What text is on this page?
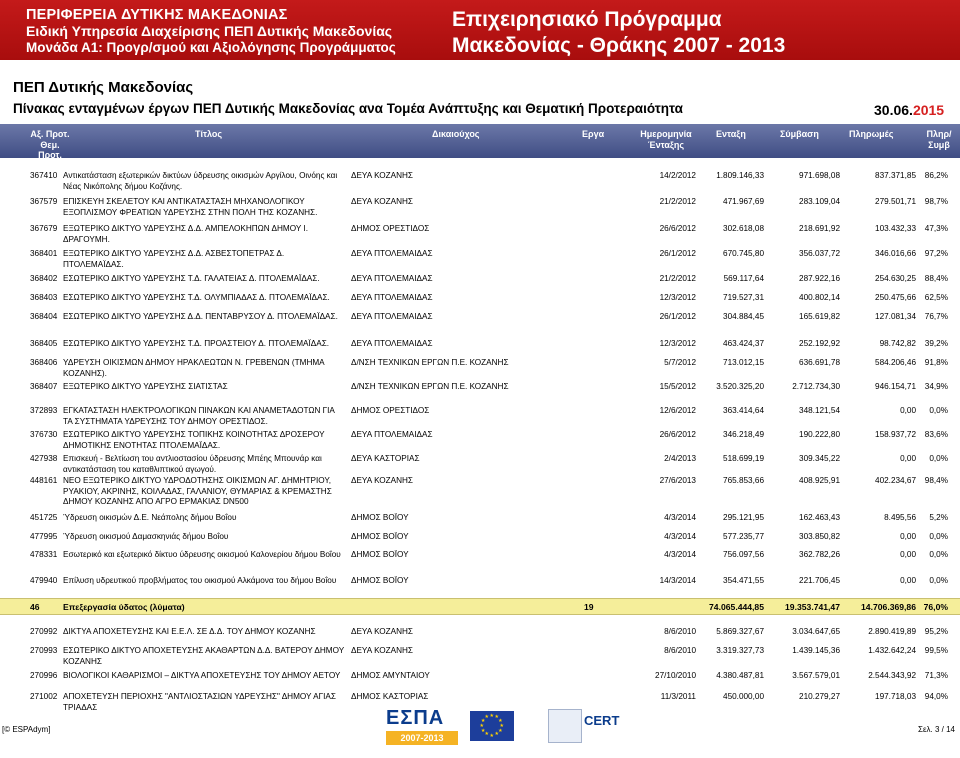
ΠΕΡΙΦΕΡΕΙΑ ΔΥΤΙΚΗΣ ΜΑΚΕΔΟΝΙΑΣ
Ειδική Υπηρεσία Διαχείρισης ΠΕΠ Δυτικής Μακεδονίας
Μονάδα Α1: Προγρ/σμού και Αξιολόγησης Προγράμματος
Επιχειρησιακό Πρόγραμμα
Μακεδονίας - Θράκης 2007 - 2013
ΠΕΠ Δυτικής Μακεδονίας
Πίνακας ενταγμένων έργων ΠΕΠ Δυτικής Μακεδονίας ανα Τομέα Ανάπτυξης και Θεματική Προτεραιότητα	30.06.2015
Αξ. Προτ.
Θεμ. Προτ.
MIS
Τίτλος	Δικαιούχος	Εργα	Ημερομηνία
Ένταξης
Ενταξη	Σύμβαση	Πληρωμές	Πληρ/
Συμβ
367410 Αντικατάσταση εξωτερικών δικτύων ύδρευσης οικισμών Αργίλου, Οινόης και Νέας Νικόπολης δήμου Κοζάνης.
ΔΕΥΑ ΚΟΖΑΝΗΣ	14/2/2012	1.809.146,33	971.698,08	837.371,85	86,2%
367579 ΕΠΙΣΚΕΥΗ ΣΚΕΛΕΤΟΥ ΚΑΙ ΑΝΤΙΚΑΤΑΣΤΑΣΗ ΜΗΧΑΝΟΛΟΓΙΚΟΥ ΕΞΟΠΛΙΣΜΟΥ ΦΡΕΑΤΙΩΝ ΥΔΡΕΥΣΗΣ ΣΤΗΝ ΠΟΛΗ ΤΗΣ ΚΟΖΑΝΗΣ.
ΔΕΥΑ ΚΟΖΑΝΗΣ	21/2/2012	471.967,69	283.109,04	279.501,71	98,7%
367679 ΕΞΩΤΕΡΙΚΟ ΔΙΚΤΥΟ ΥΔΡΕΥΣΗΣ Δ.Δ. ΑΜΠΕΛΟΚΗΠΩΝ ΔΗΜΟΥ Ι. ΔΡΑΓΟΥΜΗ.
ΔΗΜΟΣ ΟΡΕΣΤΙΔΟΣ	26/6/2012	302.618,08	218.691,92	103.432,33	47,3%
368401 ΕΞΩΤΕΡΙΚΟ ΔΙΚΤΥΟ ΥΔΡΕΥΣΗΣ Δ.Δ. ΑΣΒΕΣΤΟΠΕΤΡΑΣ Δ. ΠΤΟΛΕΜΑΪΔΑΣ.
ΔΕΥΑ ΠΤΟΛΕΜΑΙΔΑΣ	26/1/2012	670.745,80	356.037,72	346.016,66	97,2%
368402 ΕΣΩΤΕΡΙΚΟ ΔΙΚΤΥΟ ΥΔΡΕΥΣΗΣ Τ.Δ. ΓΑΛΑΤΕΙΑΣ Δ. ΠΤΟΛΕΜΑΪΔΑΣ.	ΔΕΥΑ ΠΤΟΛΕΜΑΙΔΑΣ	21/2/2012	569.117,64	287.922,16	254.630,25	88,4%
368403 ΕΣΩΤΕΡΙΚΟ ΔΙΚΤΥΟ ΥΔΡΕΥΣΗΣ Τ.Δ. ΟΛΥΜΠΙΑΔΑΣ Δ. ΠΤΟΛΕΜΑΪΔΑΣ.	ΔΕΥΑ ΠΤΟΛΕΜΑΙΔΑΣ	12/3/2012	719.527,31	400.802,14	250.475,66	62,5%
368404 ΕΣΩΤΕΡΙΚΟ ΔΙΚΤΥΟ ΥΔΡΕΥΣΗΣ Δ.Δ. ΠΕΝΤΑΒΡΥΣΟΥ Δ. ΠΤΟΛΕΜΑΪΔΑΣ.	ΔΕΥΑ ΠΤΟΛΕΜΑΙΔΑΣ	26/1/2012	304.884,45	165.619,82	127.081,34	76,7%
368405 ΕΣΩΤΕΡΙΚΟ ΔΙΚΤΥΟ ΥΔΡΕΥΣΗΣ Τ.Δ. ΠΡΟΑΣΤΕΙΟΥ Δ. ΠΤΟΛΕΜΑΪΔΑΣ.	ΔΕΥΑ ΠΤΟΛΕΜΑΙΔΑΣ	12/3/2012	463.424,37	252.192,92	98.742,82	39,2%
368406 ΥΔΡΕΥΣΗ ΟΙΚΙΣΜΩΝ ΔΗΜΟΥ ΗΡΑΚΛΕΩΤΩΝ Ν. ΓΡΕΒΕΝΩΝ (ΤΜΗΜΑ ΚΟΖΑΝΗΣ).
Δ/ΝΣΗ ΤΕΧΝΙΚΩΝ ΕΡΓΩΝ Π.Ε. ΚΟΖΑΝΗΣ	5/7/2012	713.012,15	636.691,78	584.206,46	91,8%
368407 ΕΞΩΤΕΡΙΚΟ ΔΙΚΤΥΟ ΥΔΡΕΥΣΗΣ ΣΙΑΤΙΣΤΑΣ	Δ/ΝΣΗ ΤΕΧΝΙΚΩΝ ΕΡΓΩΝ Π.Ε. ΚΟΖΑΝΗΣ	15/5/2012	3.520.325,20	2.712.734,30	946.154,71	34,9%
372893 ΕΓΚΑΤΑΣΤΑΣΗ ΗΛΕΚΤΡΟΛΟΓΙΚΩΝ ΠΙΝΑΚΩΝ ΚΑΙ ΑΝΑΜΕΤΑΔΟΤΩΝ ΓΙΑ ΤΑ ΣΥΣΤΗΜΑΤΑ ΥΔΡΕΥΣΗΣ ΤΟΥ ΔΗΜΟΥ ΟΡΕΣΤΙΔΟΣ.
ΔΗΜΟΣ ΟΡΕΣΤΙΔΟΣ	12/6/2012	363.414,64	348.121,54	0,00	0,0%
376730 ΕΣΩΤΕΡΙΚΟ ΔΙΚΤΥΟ ΥΔΡΕΥΣΗΣ ΤΟΠΙΚΗΣ ΚΟΙΝΟΤΗΤΑΣ ΔΡΟΣΕΡΟΥ ΔΗΜΟΤΙΚΗΣ ΕΝΟΤΗΤΑΣ ΠΤΟΛΕΜΑΪΔΑΣ.
ΔΕΥΑ ΠΤΟΛΕΜΑΙΔΑΣ	26/6/2012	346.218,49	190.222,80	158.937,72	83,6%
427938 Επισκευή - Βελτίωση του αντλιοστασίου ύδρευσης Μπέης Μπουνάρ και αντικατάσταση του καταθλιπτικού αγωγού.
ΔΕΥΑ ΚΑΣΤΟΡΙΑΣ	2/4/2013	518.699,19	309.345,22	0,00	0,0%
448161 ΝΕΟ ΕΞΩΤΕΡΙΚΟ ΔΙΚΤΥΟ ΥΔΡΟΔΟΤΗΣΗΣ ΟΙΚΙΣΜΩΝ ΑΓ. ΔΗΜΗΤΡΙΟΥ, ΡΥΑΚΙΟΥ, ΑΚΡΙΝΗΣ, ΚΟΙΛΑΔΑΣ, ΓΑΛΑΝΙΟΥ, ΘΥΜΑΡΙΑΣ & ΚΡΕΜΑΣΤΗΣ ΔΗΜΟΥ ΚΟΖΑΝΗΣ ΑΠΟ ΑΓΡΟ ΕΡΜΑΚΙΑΣ DN500
ΔΕΥΑ ΚΟΖΑΝΗΣ	27/6/2013	765.853,66	408.925,91	402.234,67	98,4%
451725 Ύδρευση οικισμών Δ.Ε. Νεάπολης δήμου Βοΐου	ΔΗΜΟΣ ΒΟΪΟΥ	4/3/2014	295.121,95	162.463,43	8.495,56	5,2%
477995 Ύδρευση οικισμού Δαμασκηνιάς δήμου Βοΐου	ΔΗΜΟΣ ΒΟΪΟΥ	4/3/2014	577.235,77	303.850,82	0,00	0,0%
478331 Εσωτερικό και εξωτερικό δίκτυο ύδρευσης οικισμού Καλονερίου δήμου Βοΐου	ΔΗΜΟΣ ΒΟΪΟΥ	4/3/2014	756.097,56	362.782,26	0,00	0,0%
479940 Επίλυση υδρευτικού προβλήματος του οικισμού Αλκάμονα του δήμου Βοΐου	ΔΗΜΟΣ ΒΟΪΟΥ	14/3/2014	354.471,55	221.706,45	0,00	0,0%
270992 ΔΙΚΤΥΑ ΑΠΟΧΕΤΕΥΣΗΣ ΚΑΙ Ε.Ε.Λ. ΣΕ Δ.Δ. ΤΟΥ ΔΗΜΟΥ ΚΟΖΑΝΗΣ	ΔΕΥΑ ΚΟΖΑΝΗΣ	8/6/2010	5.869.327,67	3.034.647,65	2.890.419,89	95,2%
270993 ΕΣΩΤΕΡΙΚΟ ΔΙΚΤΥΟ ΑΠΟΧΕΤΕΥΣΗΣ ΑΚΑΘΑΡΤΩΝ Δ.Δ. ΒΑΤΕΡΟΥ ΔΗΜΟΥ ΚΟΖΑΝΗΣ
ΔΕΥΑ ΚΟΖΑΝΗΣ	8/6/2010	3.319.327,73	1.439.145,36	1.432.642,24	99,5%
270996 ΒΙΟΛΟΓΙΚΟΙ ΚΑΘΑΡΙΣΜΟΙ – ΔΙΚΤΥΑ ΑΠΟΧΕΤΕΥΣΗΣ ΤΟΥ ΔΗΜΟΥ ΑΕΤΟΥ	ΔΗΜΟΣ ΑΜΥΝΤΑΙΟΥ	27/10/2010	4.380.487,81	3.567.579,01	2.544.343,92	71,3%
271002 ΑΠΟΧΕΤΕΥΣΗ ΠΕΡΙΟΧΗΣ "ΑΝΤΛΙΟΣΤΑΣΙΩΝ ΥΔΡΕΥΣΗΣ" ΔΗΜΟΥ ΑΓΙΑΣ ΤΡΙΑΔΑΣ
ΔΗΜΟΣ ΚΑΣΤΟΡΙΑΣ	11/3/2011	450.000,00	210.279,27	197.718,03	94,0%
46	Επεξεργασία ύδατος (λύματα)	19	74.065.444,85	19.353.741,47	14.706.369,86 76,0%
[© ESPAdym]	Σελ. 3 / 14
ΕΣΠΑ
2007-2013
★ ★
★
★
★
★
★
★
★
★
★
★	CERT
